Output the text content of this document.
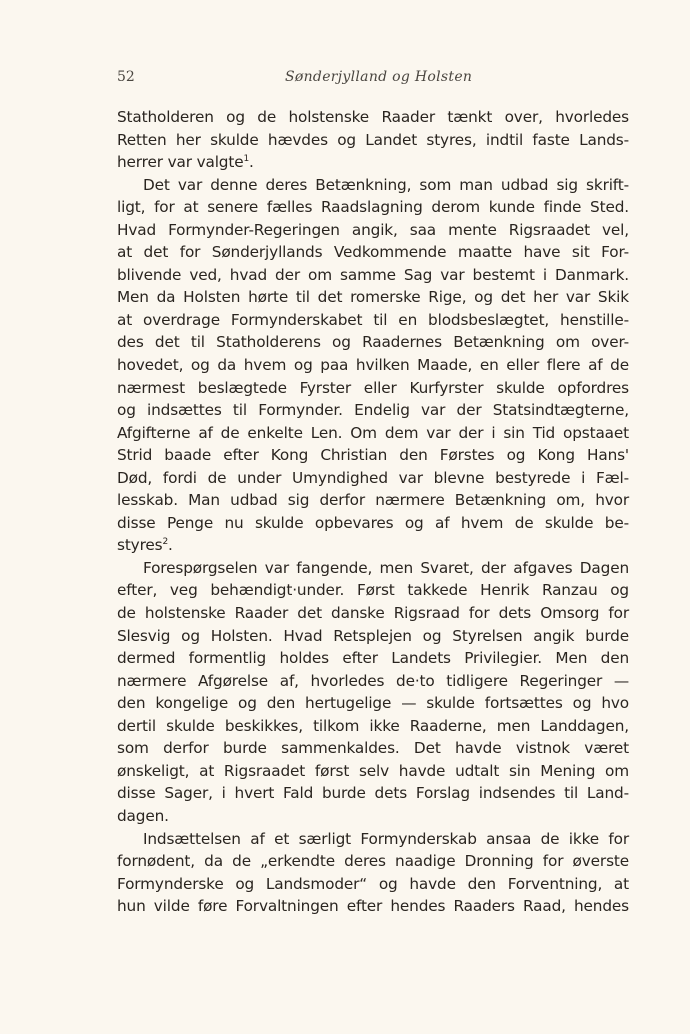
52	Sønderjylland og Holsten
Statholderen og de holstenske Raader tænkt over, hvorledes
Retten her skulde hævdes og Landet styres, indtil faste Lands-
herrer var valgte$^1$.
Det var denne deres Betænkning, som man udbad sig skrift-
ligt, for at senere fælles Raadslagning derom kunde finde Sted.
Hvad Formynder-Regeringen angik, saa mente Rigsraadet vel,
at det for Sønderjyllands Vedkommende maatte have sit For-
blivende ved, hvad der om samme Sag var bestemt i Danmark.
Men da Holsten hørte til det romerske Rige, og det her var Skik
at overdrage Formynderskabet til en blodsbeslægtet, henstille-
des det til Statholderens og Raadernes Betænkning om over-
hovedet, og da hvem og paa hvilken Maade, en eller flere af de
nærmest beslægtede Fyrster eller Kurfyrster skulde opfordres
og indsættes til Formynder. Endelig var der Statsindtægterne,
Afgifterne af de enkelte Len. Om dem var der i sin Tid opstaaet
Strid baade efter Kong Christian den Førstes og Kong Hans'
Død, fordi de under Umyndighed var blevne bestyrede i Fæl-
lesskab. Man udbad sig derfor nærmere Betænkning om, hvor
disse Penge nu skulde opbevares og af hvem de skulde be-
styres$^2$.
Forespørgselen var fangende, men Svaret, der afgaves Dagen
efter, veg behændigt·under. Først takkede Henrik Ranzau og
de holstenske Raader det danske Rigsraad for dets Omsorg for
Slesvig og Holsten. Hvad Retsplejen og Styrelsen angik burde
dermed formentlig holdes efter Landets Privilegier. Men den
nærmere Afgørelse af, hvorledes de·to tidligere Regeringer —
den kongelige og den hertugelige — skulde fortsættes og hvo
dertil skulde beskikkes, tilkom ikke Raaderne, men Landdagen,
som derfor burde sammenkaldes. Det havde vistnok været
ønskeligt, at Rigsraadet først selv havde udtalt sin Mening om
disse Sager, i hvert Fald burde dets Forslag indsendes til Land-
dagen.
Indsættelsen af et særligt Formynderskab ansaa de ikke for
fornødent, da de „erkendte deres naadige Dronning for øverste
Formynderske og Landsmoder“ og havde den Forventning, at
hun vilde føre Forvaltningen efter hendes Raaders Raad, hendes
